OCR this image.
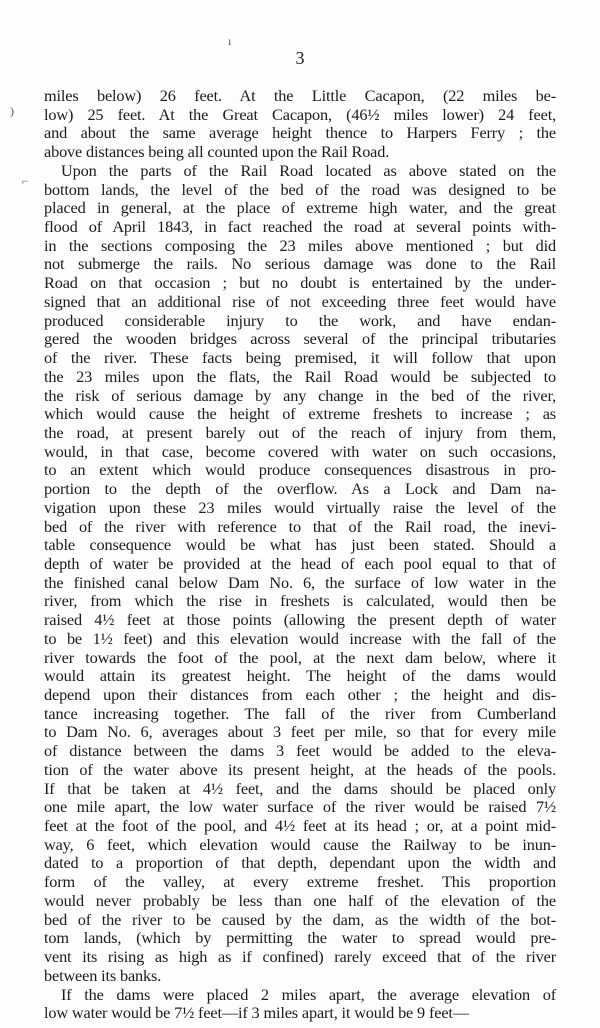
ı
3
)
⌐
miles below) 26 feet. At the Little Cacapon, (22 miles be-
low) 25 feet. At the Great Cacapon, (46½ miles lower) 24 feet,
and about the same average height thence to Harpers Ferry ; the
above distances being all counted upon the Rail Road.
Upon the parts of the Rail Road located as above stated on the
bottom lands, the level of the bed of the road was designed to be
placed in general, at the place of extreme high water, and the great
flood of April 1843, in fact reached the road at several points with-
in the sections composing the 23 miles above mentioned ; but did
not submerge the rails. No serious damage was done to the Rail
Road on that occasion ; but no doubt is entertained by the under-
signed that an additional rise of not exceeding three feet would have
produced considerable injury to the work, and have endan-
gered the wooden bridges across several of the principal tributaries
of the river. These facts being premised, it will follow that upon
the 23 miles upon the flats, the Rail Road would be subjected to
the risk of serious damage by any change in the bed of the river,
which would cause the height of extreme freshets to increase ; as
the road, at present barely out of the reach of injury from them,
would, in that case, become covered with water on such occasions,
to an extent which would produce consequences disastrous in pro-
portion to the depth of the overflow. As a Lock and Dam na-
vigation upon these 23 miles would virtually raise the level of the
bed of the river with reference to that of the Rail road, the inevi-
table consequence would be what has just been stated. Should a
depth of water be provided at the head of each pool equal to that of
the finished canal below Dam No. 6, the surface of low water in the
river, from which the rise in freshets is calculated, would then be
raised 4½ feet at those points (allowing the present depth of water
to be 1½ feet) and this elevation would increase with the fall of the
river towards the foot of the pool, at the next dam below, where it
would attain its greatest height. The height of the dams would
depend upon their distances from each other ; the height and dis-
tance increasing together. The fall of the river from Cumberland
to Dam No. 6, averages about 3 feet per mile, so that for every mile
of distance between the dams 3 feet would be added to the eleva-
tion of the water above its present height, at the heads of the pools.
If that be taken at 4½ feet, and the dams should be placed only
one mile apart, the low water surface of the river would be raised 7½
feet at the foot of the pool, and 4½ feet at its head ; or, at a point mid-
way, 6 feet, which elevation would cause the Railway to be inun-
dated to a proportion of that depth, dependant upon the width and
form of the valley, at every extreme freshet. This proportion
would never probably be less than one half of the elevation of the
bed of the river to be caused by the dam, as the width of the bot-
tom lands, (which by permitting the water to spread would pre-
vent its rising as high as if confined) rarely exceed that of the river
between its banks.
If the dams were placed 2 miles apart, the average elevation of
low water would be 7½ feet—if 3 miles apart, it would be 9 feet—
